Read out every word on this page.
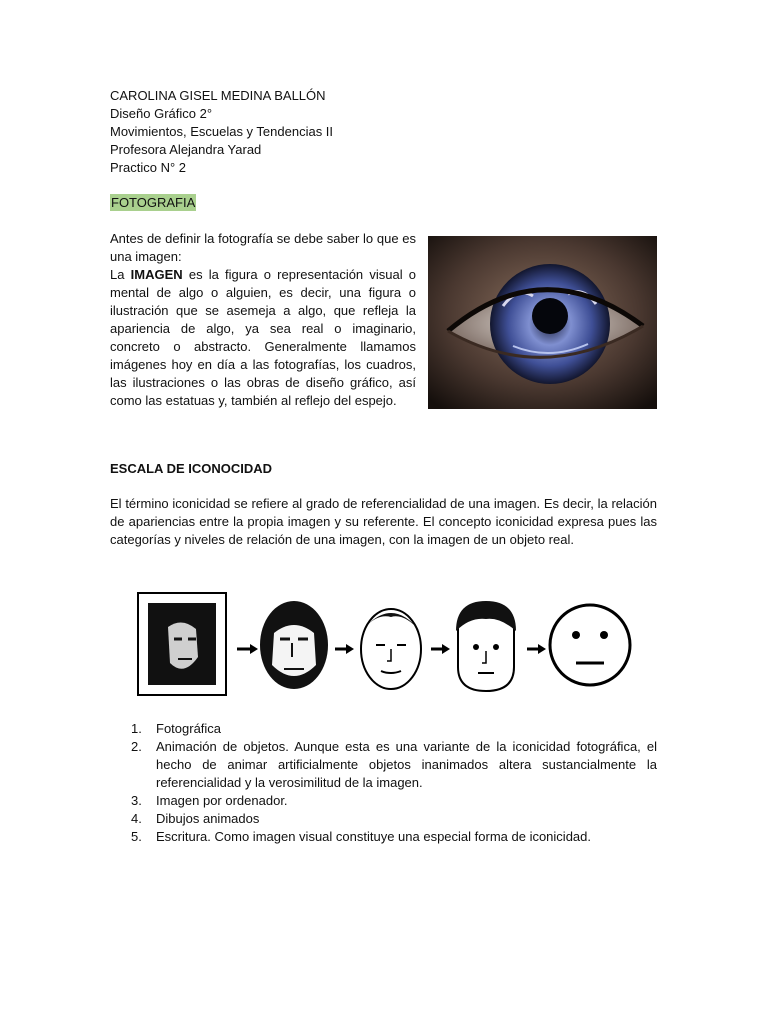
CAROLINA GISEL MEDINA BALLÓN
Diseño Gráfico 2°
Movimientos, Escuelas y Tendencias II
Profesora Alejandra Yarad
Practico N° 2
FOTOGRAFIA

Antes de definir la fotografía se debe saber lo que es una imagen:

La IMAGEN es la figura o representación visual o mental de algo o alguien, es decir, una figura o ilustración que se asemeja a algo, que refleja la apariencia de algo, ya sea real o imaginario, concreto o abstracto. Generalmente llamamos imágenes hoy en día a las fotografías, los cuadros, las ilustraciones o las obras de diseño gráfico, así como las estatuas y, también al reflejo del espejo.

ESCALA DE ICONOCIDAD

El término iconicidad se refiere al grado de referencialidad de una imagen. Es decir, la relación de apariencias entre la propia imagen y su referente. El concepto iconicidad expresa pues las categorías y niveles de relación de una imagen, con la imagen de un objeto real.

1. Fotográfica
2. Animación de objetos. Aunque esta es una variante de la iconicidad fotográfica, el hecho de animar artificialmente objetos inanimados altera sustancialmente la referencialidad y la verosimilitud de la imagen.
3. Imagen por ordenador.
4. Dibujos animados
5. Escritura. Como imagen visual constituye una especial forma de iconicidad.
